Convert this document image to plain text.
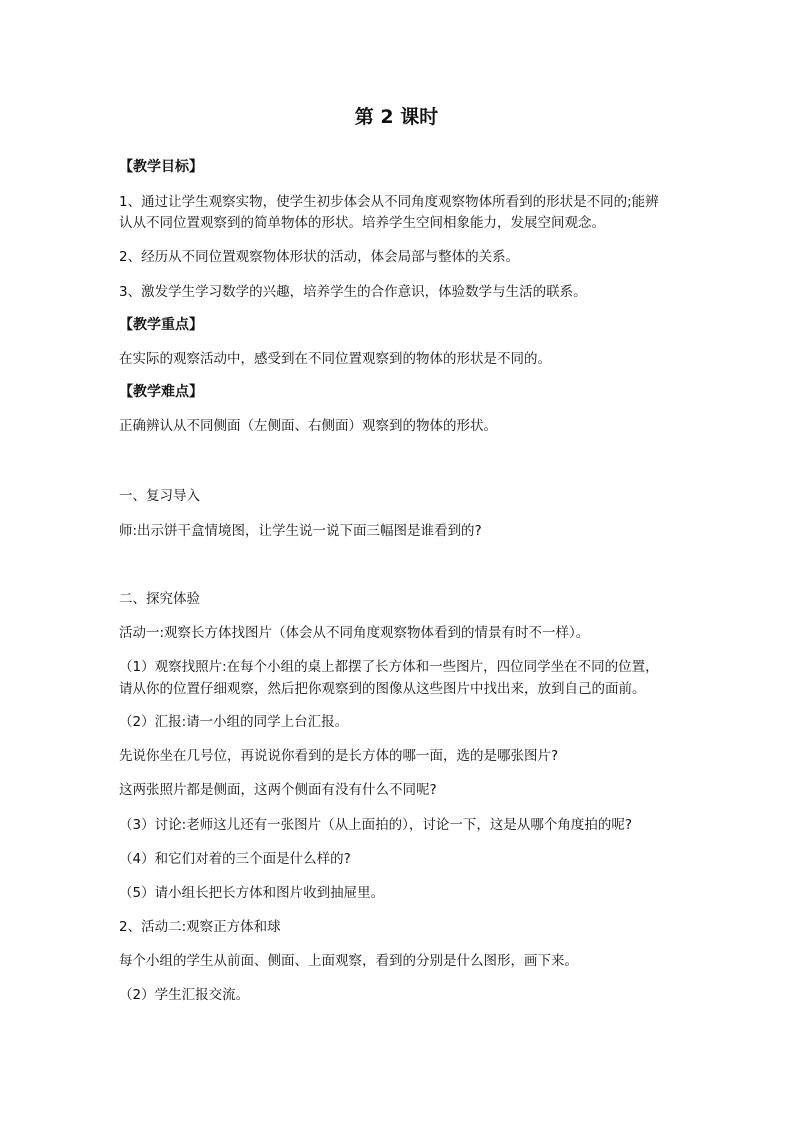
第 2 课时

【教学目标】

1、通过让学生观察实物，使学生初步体会从不同角度观察物体所看到的形状是不同的;能辨

认从不同位置观察到的简单物体的形状。培养学生空间相象能力，发展空间观念。

2、经历从不同位置观察物体形状的活动，体会局部与整体的关系。

3、激发学生学习数学的兴趣，培养学生的合作意识，体验数学与生活的联系。

【教学重点】

在实际的观察活动中，感受到在不同位置观察到的物体的形状是不同的。

【教学难点】

正确辨认从不同侧面（左侧面、右侧面）观察到的物体的形状。

一、复习导入

师:出示饼干盒情境图，让学生说一说下面三幅图是谁看到的?

二、探究体验

活动一:观察长方体找图片（体会从不同角度观察物体看到的情景有时不一样）。

（1）观察找照片:在每个小组的桌上都摆了长方体和一些图片，四位同学坐在不同的位置，

请从你的位置仔细观察，然后把你观察到的图像从这些图片中找出来，放到自己的面前。

（2）汇报:请一小组的同学上台汇报。

先说你坐在几号位，再说说你看到的是长方体的哪一面，选的是哪张图片?

这两张照片都是侧面，这两个侧面有没有什么不同呢?

（3）讨论:老师这儿还有一张图片（从上面拍的），讨论一下，这是从哪个角度拍的呢?

（4）和它们对着的三个面是什么样的?

（5）请小组长把长方体和图片收到抽屉里。

2、活动二:观察正方体和球

每个小组的学生从前面、侧面、上面观察，看到的分别是什么图形，画下来。

（2）学生汇报交流。
